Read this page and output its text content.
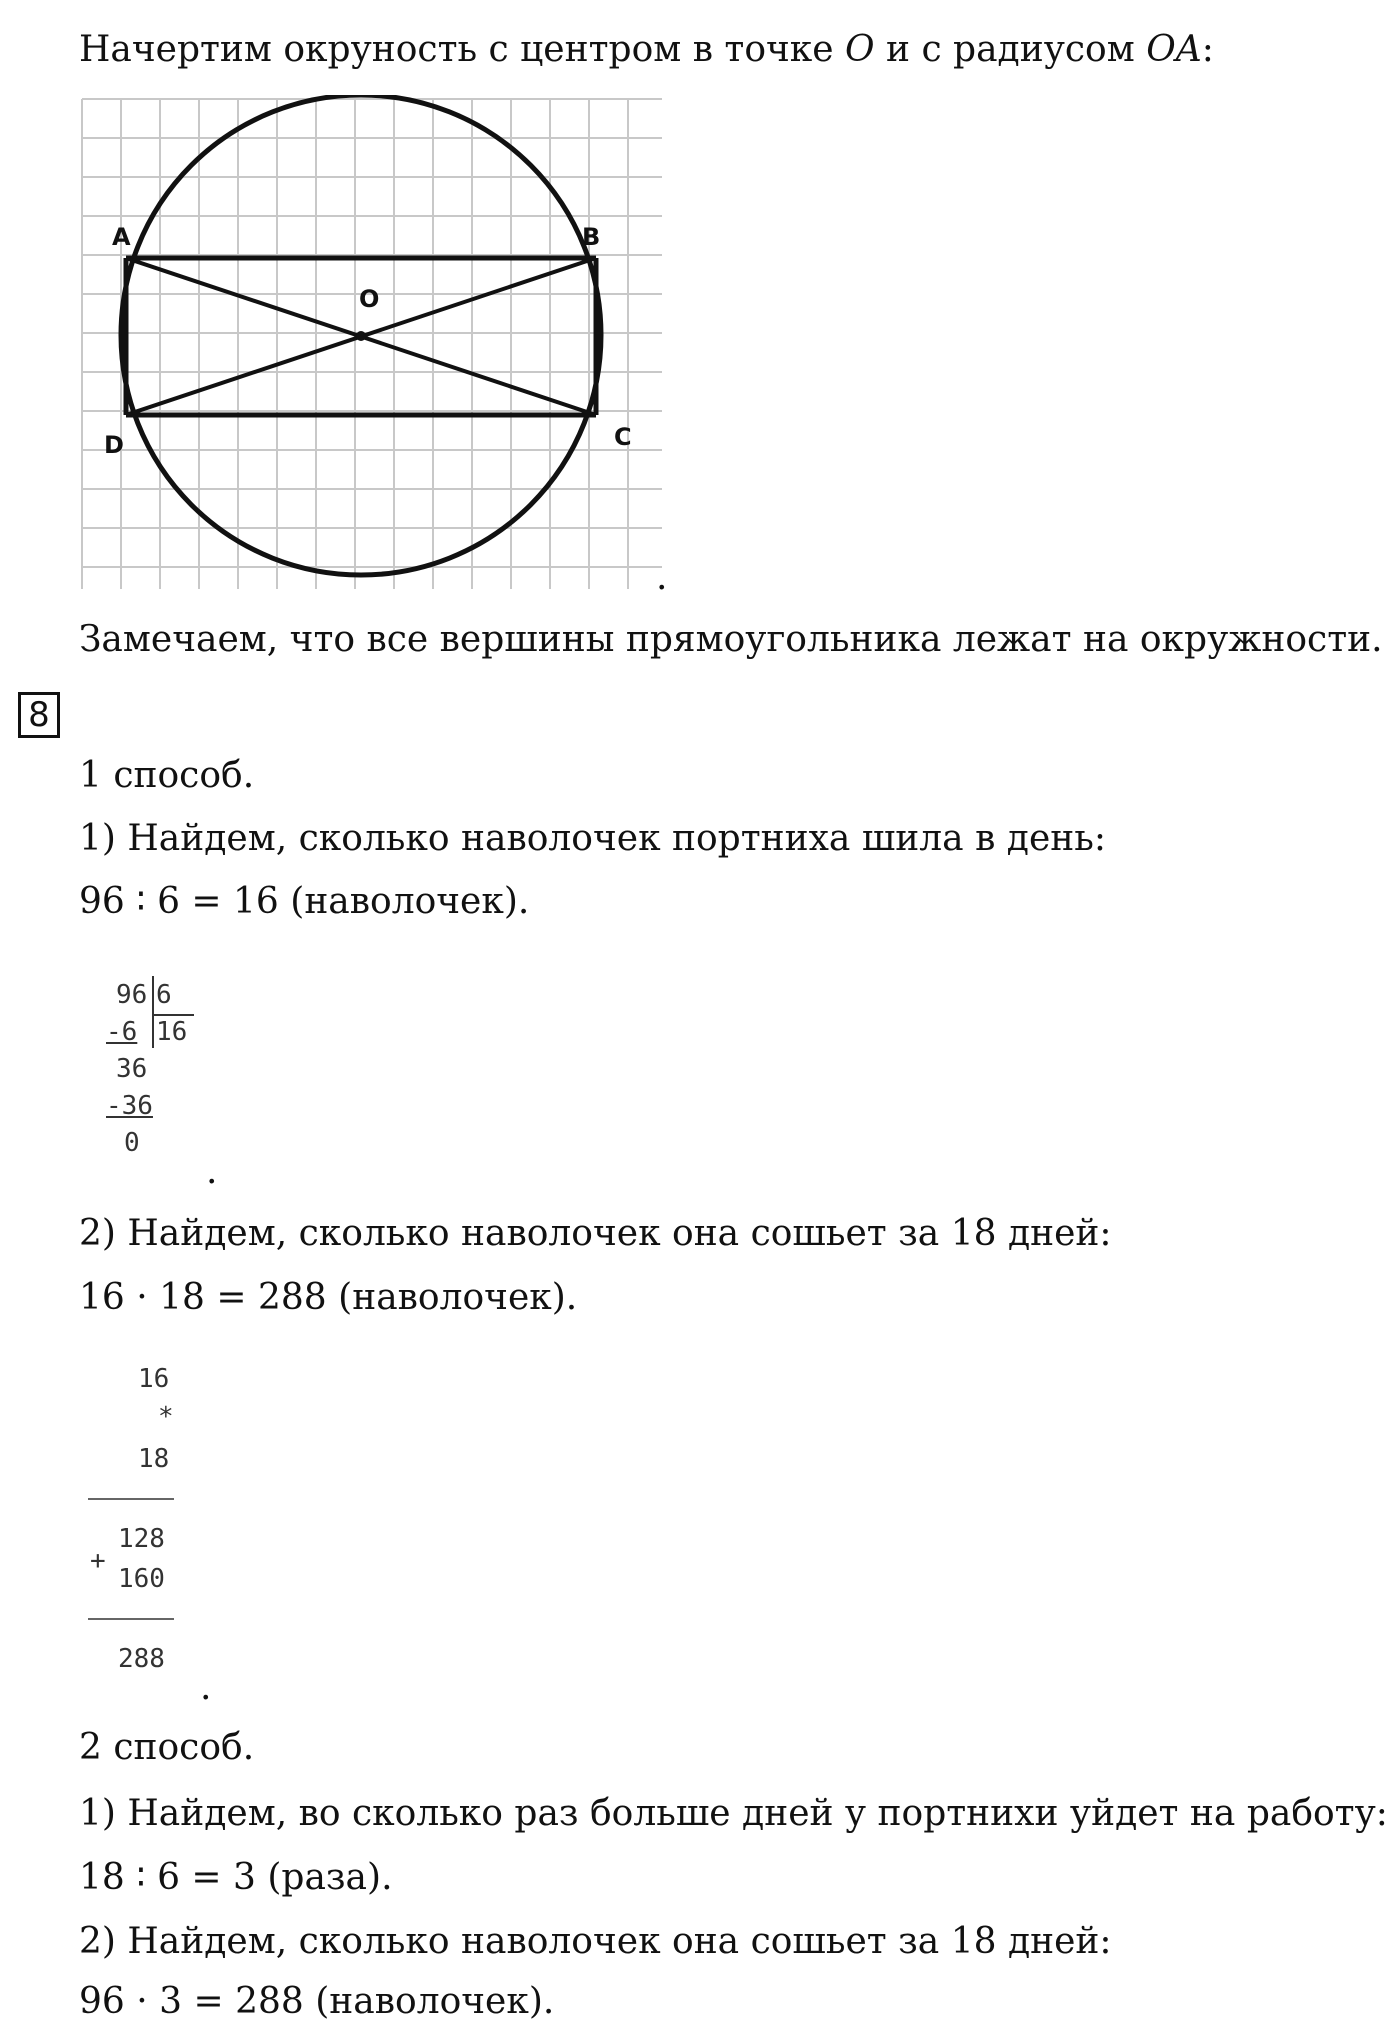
Начертим окруность с центром в точке O и с радиусом OA:
A	B
C
D
O
.
Замечаем, что все вершины прямоугольника лежат на окружности.
8
1 способ.
1) Найдем, сколько наволочек портниха шила в день:
96 ∶ 6 = 16 (наволочек).
96 6
-6 16
36
-36
0
.
2) Найдем, сколько наволочек она сошьет за 18 дней:
16 · 18 = 288 (наволочек).
16
*
18
128
+
160
288
.
2 способ.
1) Найдем, во сколько раз больше дней у портнихи уйдет на работу:
18 ∶ 6 = 3 (раза).
2) Найдем, сколько наволочек она сошьет за 18 дней:
96 · 3 = 288 (наволочек).
